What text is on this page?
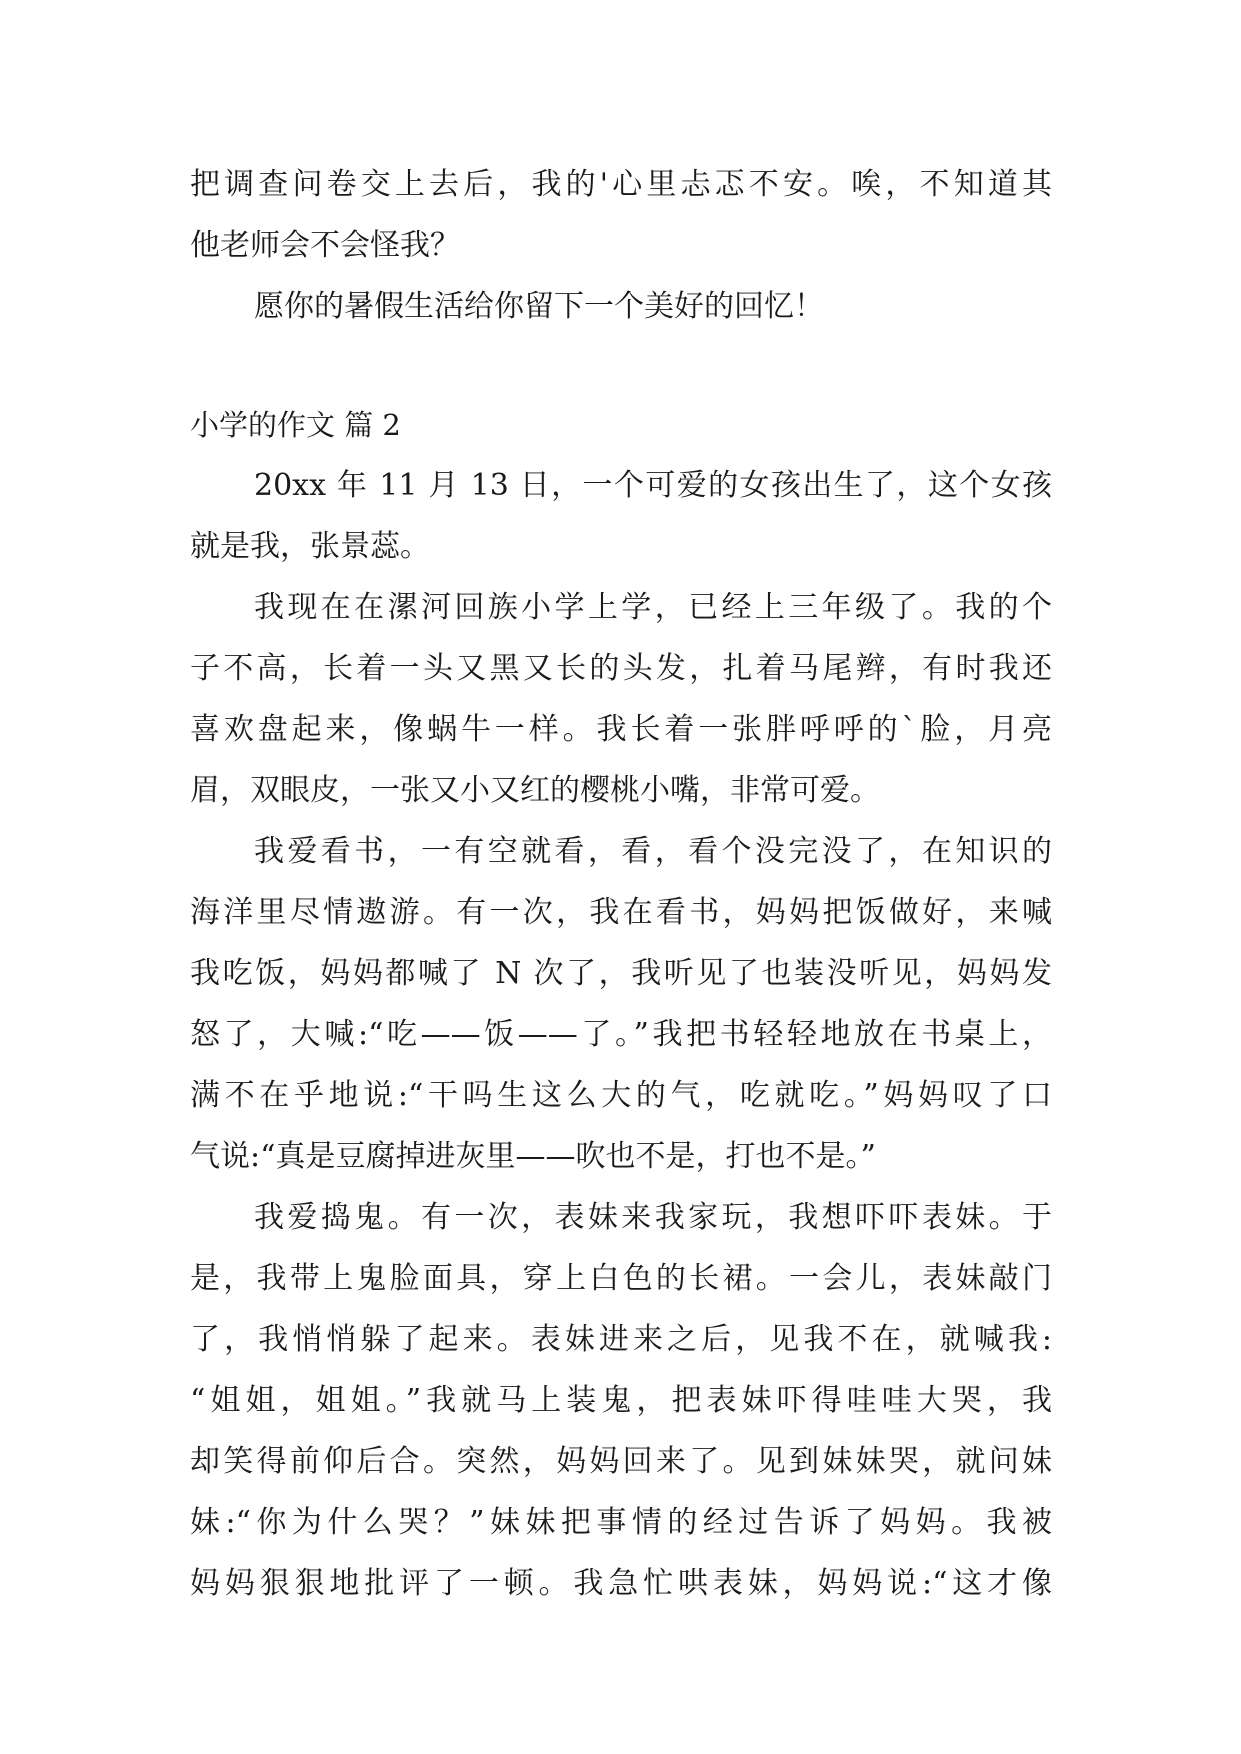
把调查问卷交上去后，我的'心里忐忑不安。唉，不知道其
他老师会不会怪我？
愿你的暑假生活给你留下一个美好的回忆！
小学的作文 篇 2
20xx 年 11 月 13 日，一个可爱的女孩出生了，这个女孩
就是我，张景蕊。
我现在在漯河回族小学上学，已经上三年级了。我的个
子不高，长着一头又黑又长的头发，扎着马尾辫，有时我还
喜欢盘起来，像蜗牛一样。我长着一张胖呼呼的`脸，月亮
眉，双眼皮，一张又小又红的樱桃小嘴，非常可爱。
我爱看书，一有空就看，看，看个没完没了，在知识的
海洋里尽情遨游。有一次，我在看书，妈妈把饭做好，来喊
我吃饭，妈妈都喊了 N 次了，我听见了也装没听见，妈妈发
怒了，大喊:“吃——饭——了。”我把书轻轻地放在书桌上，
满不在乎地说:“干吗生这么大的气，吃就吃。”妈妈叹了口
气说:“真是豆腐掉进灰里——吹也不是，打也不是。”
我爱捣鬼。有一次，表妹来我家玩，我想吓吓表妹。于
是，我带上鬼脸面具，穿上白色的长裙。一会儿，表妹敲门
了，我悄悄躲了起来。表妹进来之后，见我不在，就喊我:
“姐姐，姐姐。”我就马上装鬼，把表妹吓得哇哇大哭，我
却笑得前仰后合。突然，妈妈回来了。见到妹妹哭，就问妹
妹:“你为什么哭？”妹妹把事情的经过告诉了妈妈。我被
妈妈狠狠地批评了一顿。我急忙哄表妹，妈妈说:“这才像
